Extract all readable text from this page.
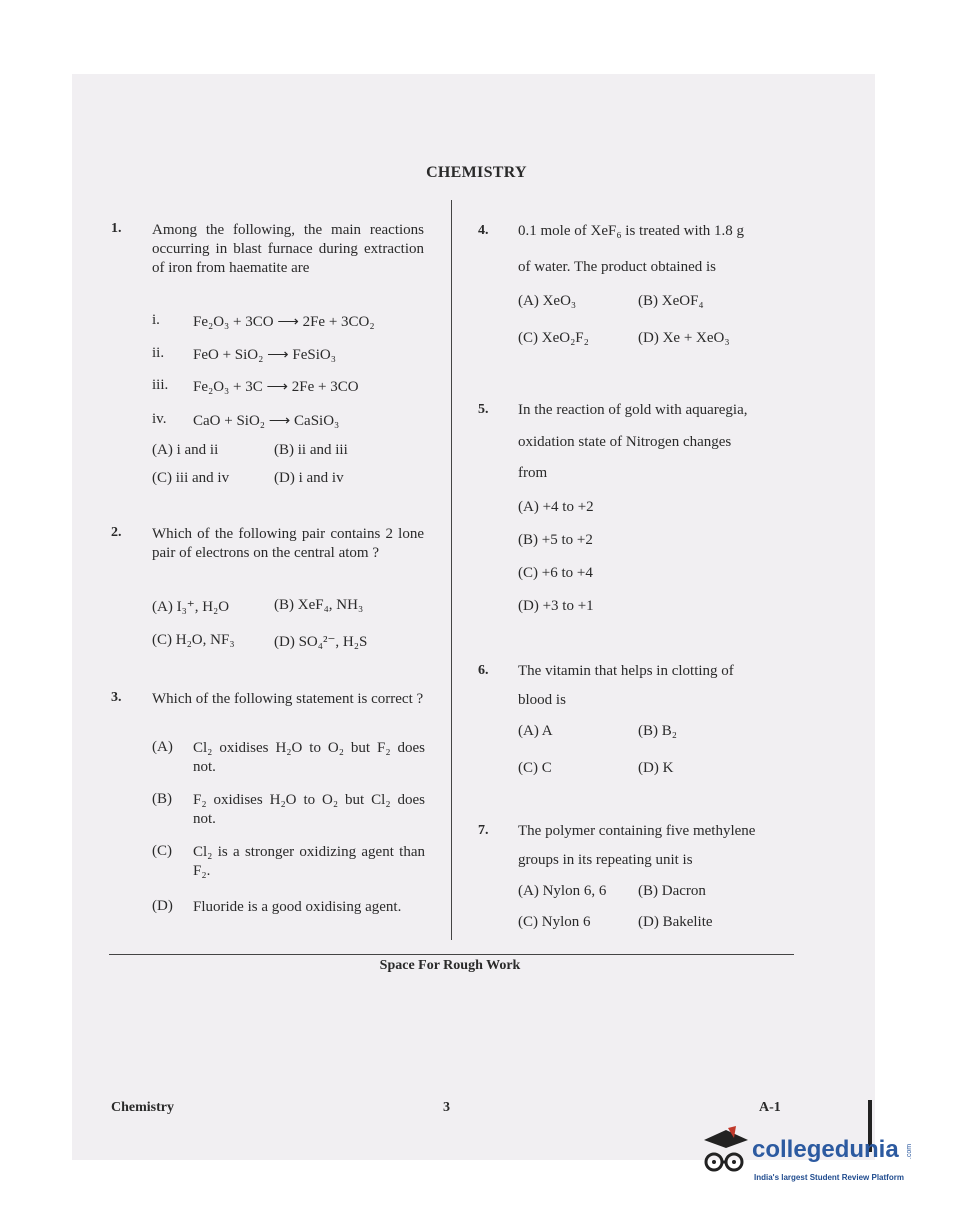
CHEMISTRY
1. Among the following, the main reactions occurring in blast furnace during extraction of iron from haematite are
i. Fe₂O₃ + 3CO ⟶ 2Fe + 3CO₂
ii. FeO + SiO₂ ⟶ FeSiO₃
iii. Fe₂O₃ + 3C ⟶ 2Fe + 3CO
iv. CaO + SiO₂ ⟶ CaSiO₃
(A) i and ii	(B) ii and iii
(C) iii and iv	(D) i and iv
2. Which of the following pair contains 2 lone pair of electrons on the central atom ?
(A) I₃⁺, H₂O	(B) XeF₄, NH₃
(C) H₂O, NF₃	(D) SO₄²⁻, H₂S
3. Which of the following statement is correct ?
(A) Cl₂ oxidises H₂O to O₂ but F₂ does not.
(B) F₂ oxidises H₂O to O₂ but Cl₂ does not.
(C) Cl₂ is a stronger oxidizing agent than F₂.
(D) Fluoride is a good oxidising agent.
4. 0.1 mole of XeF₆ is treated with 1.8 g
of water. The product obtained is
(A) XeO₃	(B) XeOF₄
(C) XeO₂F₂	(D) Xe + XeO₃
5. In the reaction of gold with aquaregia,
oxidation state of Nitrogen changes
from
(A) +4 to +2
(B) +5 to +2
(C) +6 to +4
(D) +3 to +1
6. The vitamin that helps in clotting of
blood is
(A) A	(B) B₂
(C) C	(D) K
7. The polymer containing five methylene
groups in its repeating unit is
(A) Nylon 6, 6 (B) Dacron
(C) Nylon 6	(D) Bakelite
Space For Rough Work
Chemistry	3	A-1
collegedunia .com
India's largest Student Review Platform
